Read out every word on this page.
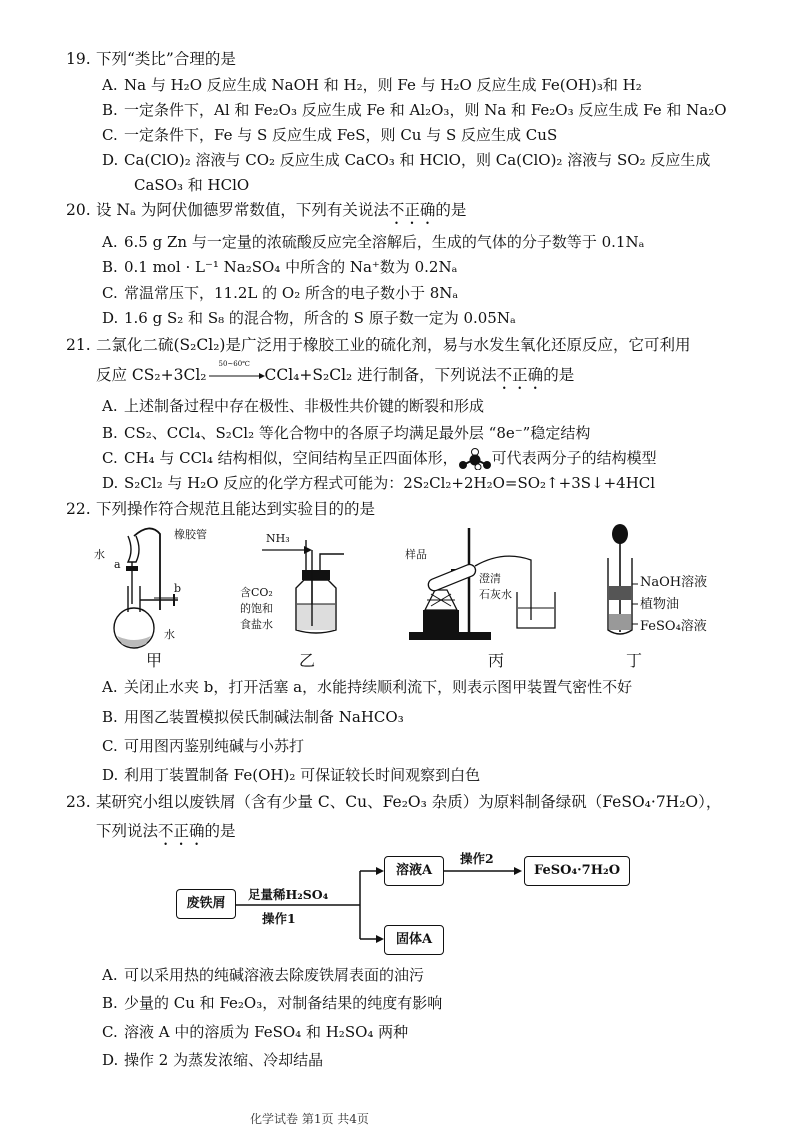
19. 下列“类比”合理的是
A. Na 与 H₂O 反应生成 NaOH 和 H₂，则 Fe 与 H₂O 反应生成 Fe(OH)₃和 H₂
B. 一定条件下，Al 和 Fe₂O₃ 反应生成 Fe 和 Al₂O₃，则 Na 和 Fe₂O₃ 反应生成 Fe 和 Na₂O
C. 一定条件下，Fe 与 S 反应生成 FeS，则 Cu 与 S 反应生成 CuS
D. Ca(ClO)₂ 溶液与 CO₂ 反应生成 CaCO₃ 和 HClO，则 Ca(ClO)₂ 溶液与 SO₂ 反应生成
CaSO₃ 和 HClO
20. 设 Nₐ 为阿伏伽德罗常数值，下列有关说法不正确的是
A. 6.5 g Zn 与一定量的浓硫酸反应完全溶解后，生成的气体的分子数等于 0.1Nₐ
B. 0.1 mol · L⁻¹ Na₂SO₄ 中所含的 Na⁺数为 0.2Nₐ
C. 常温常压下，11.2L 的 O₂ 所含的电子数小于 8Nₐ
D. 1.6 g S₂ 和 S₈ 的混合物，所含的 S 原子数一定为 0.05Nₐ
21. 二氯化二硫(S₂Cl₂)是广泛用于橡胶工业的硫化剂，易与水发生氧化还原反应，它可利用
反应 CS₂+3Cl₂
50~60℃
CCl₄+S₂Cl₂ 进行制备，下列说法不正确的是
A. 上述制备过程中存在极性、非极性共价键的断裂和形成
B. CS₂、CCl₄、S₂Cl₂ 等化合物中的各原子均满足最外层 “8e⁻”稳定结构
C. CH₄ 与 CCl₄ 结构相似，空间结构呈正四面体形， 可代表两分子的结构模型
D. S₂Cl₂ 与 H₂O 反应的化学方程式可能为：2S₂Cl₂+2H₂O=SO₂↑+3S↓+4HCl
22. 下列操作符合规范且能达到实验目的的是
水
a
橡胶管
b
水
甲
NH₃
含CO₂
的饱和
食盐水
乙
样品
澄清
石灰水
丙
NaOH溶液
植物油
FeSO₄溶液
丁
A. 关闭止水夹 b，打开活塞 a，水能持续顺利流下，则表示图甲装置气密性不好
B. 用图乙装置模拟侯氏制碱法制备 NaHCO₃
C. 可用图丙鉴别纯碱与小苏打
D. 利用丁装置制备 Fe(OH)₂ 可保证较长时间观察到白色
23. 某研究小组以废铁屑（含有少量 C、Cu、Fe₂O₃ 杂质）为原料制备绿矾（FeSO₄·7H₂O），
下列说法不正确的是
废铁屑
足量稀H₂SO₄
操作1
溶液A
操作2
FeSO₄·7H₂O
固体A
A. 可以采用热的纯碱溶液去除废铁屑表面的油污
B. 少量的 Cu 和 Fe₂O₃，对制备结果的纯度有影响
C. 溶液 A 中的溶质为 FeSO₄ 和 H₂SO₄ 两种
D. 操作 2 为蒸发浓缩、冷却结晶
化学试卷 第1页 共4页
